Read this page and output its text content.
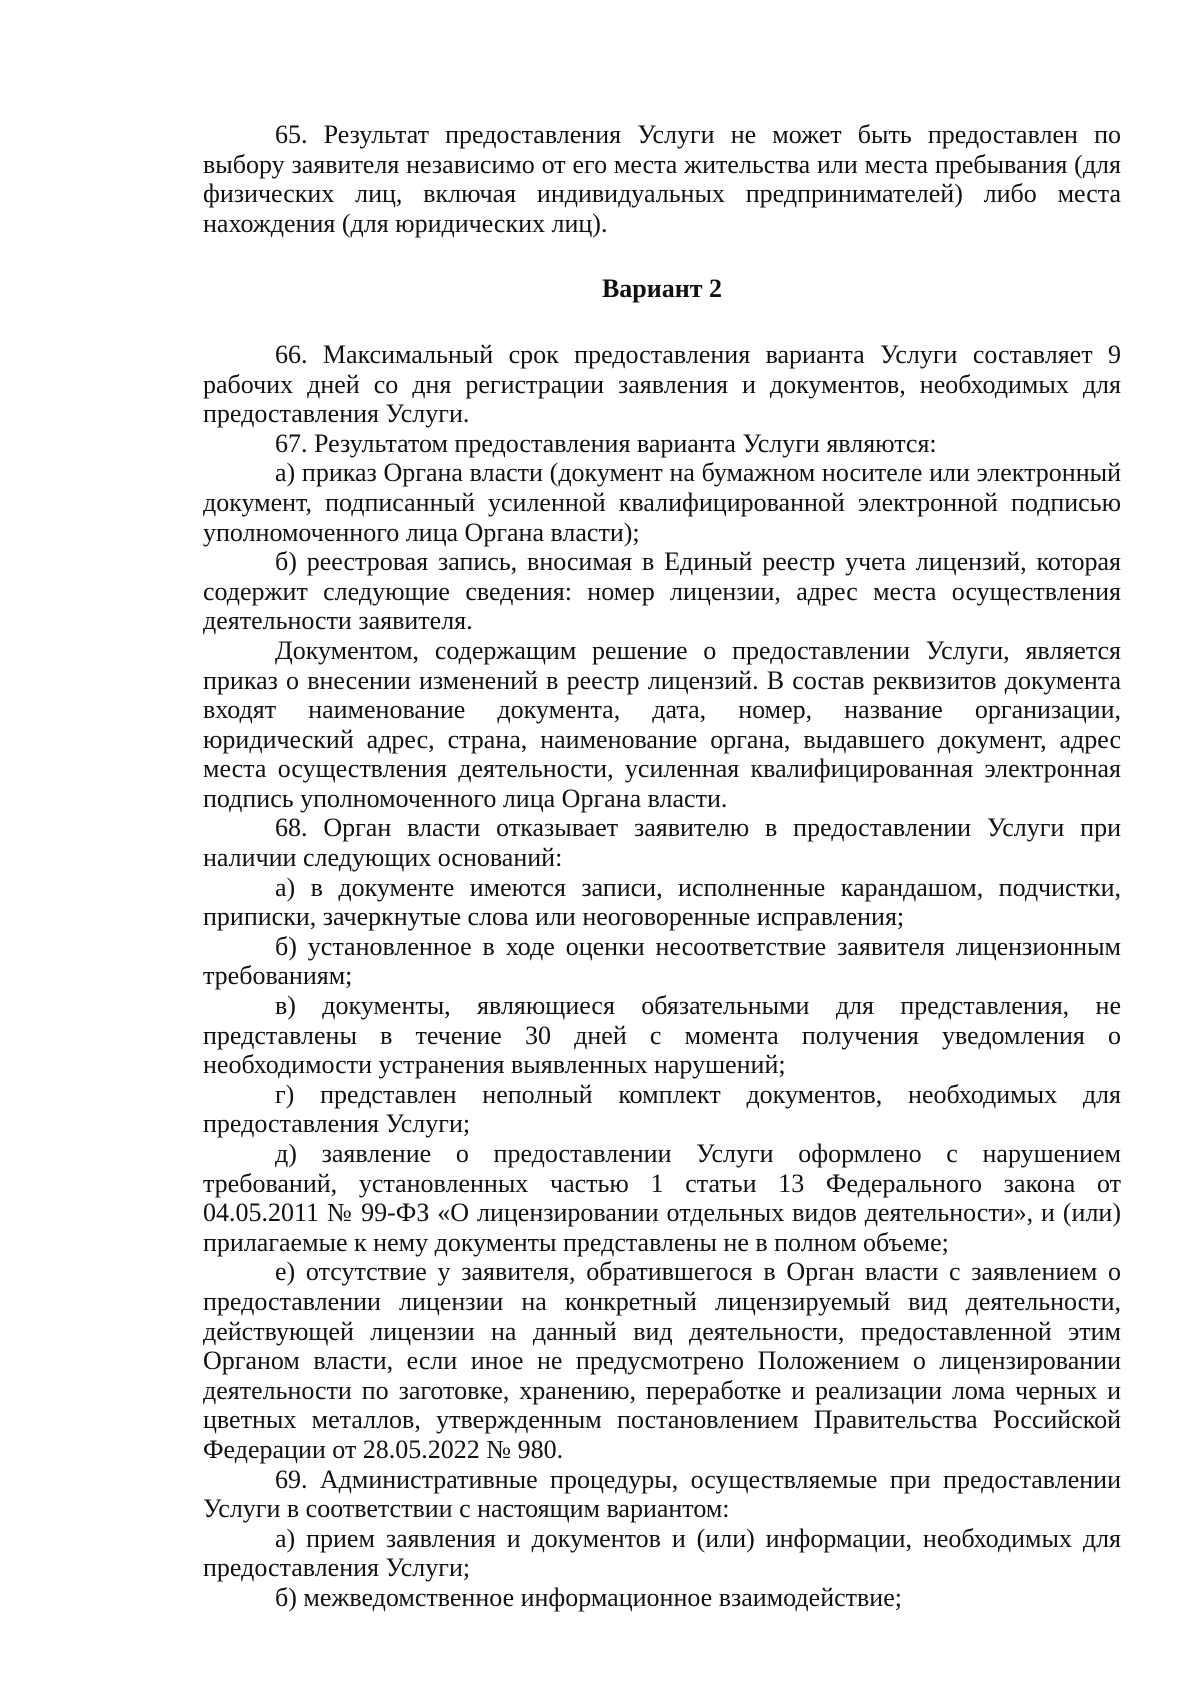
65. Результат предоставления Услуги не может быть предоставлен по выбору заявителя независимо от его места жительства или места пребывания (для физических лиц, включая индивидуальных предпринимателей) либо места нахождения (для юридических лиц).

Вариант 2

66. Максимальный срок предоставления варианта Услуги составляет 9 рабочих дней со дня регистрации заявления и документов, необходимых для предоставления Услуги.

67. Результатом предоставления варианта Услуги являются:

а) приказ Органа власти (документ на бумажном носителе или электронный документ, подписанный усиленной квалифицированной электронной подписью уполномоченного лица Органа власти);

б) реестровая запись, вносимая в Единый реестр учета лицензий, которая содержит следующие сведения: номер лицензии, адрес места осуществления деятельности заявителя.

Документом, содержащим решение о предоставлении Услуги, является приказ о внесении изменений в реестр лицензий. В состав реквизитов документа входят наименование документа, дата, номер, название организации, юридический адрес, страна, наименование органа, выдавшего документ, адрес места осуществления деятельности, усиленная квалифицированная электронная подпись уполномоченного лица Органа власти.

68. Орган власти отказывает заявителю в предоставлении Услуги при наличии следующих оснований:

а) в документе имеются записи, исполненные карандашом, подчистки, приписки, зачеркнутые слова или неоговоренные исправления;

б) установленное в ходе оценки несоответствие заявителя лицензионным требованиям;

в) документы, являющиеся обязательными для представления, не представлены в течение 30 дней с момента получения уведомления о необходимости устранения выявленных нарушений;

г) представлен неполный комплект документов, необходимых для предоставления Услуги;

д) заявление о предоставлении Услуги оформлено с нарушением требований, установленных частью 1 статьи 13 Федерального закона от 04.05.2011 № 99-ФЗ «О лицензировании отдельных видов деятельности», и (или) прилагаемые к нему документы представлены не в полном объеме;

е) отсутствие у заявителя, обратившегося в Орган власти с заявлением о предоставлении лицензии на конкретный лицензируемый вид деятельности, действующей лицензии на данный вид деятельности, предоставленной этим Органом власти, если иное не предусмотрено Положением о лицензировании деятельности по заготовке, хранению, переработке и реализации лома черных и цветных металлов, утвержденным постановлением Правительства Российской Федерации от 28.05.2022 № 980.

69. Административные процедуры, осуществляемые при предоставлении Услуги в соответствии с настоящим вариантом:

а) прием заявления и документов и (или) информации, необходимых для предоставления Услуги;

б) межведомственное информационное взаимодействие;
